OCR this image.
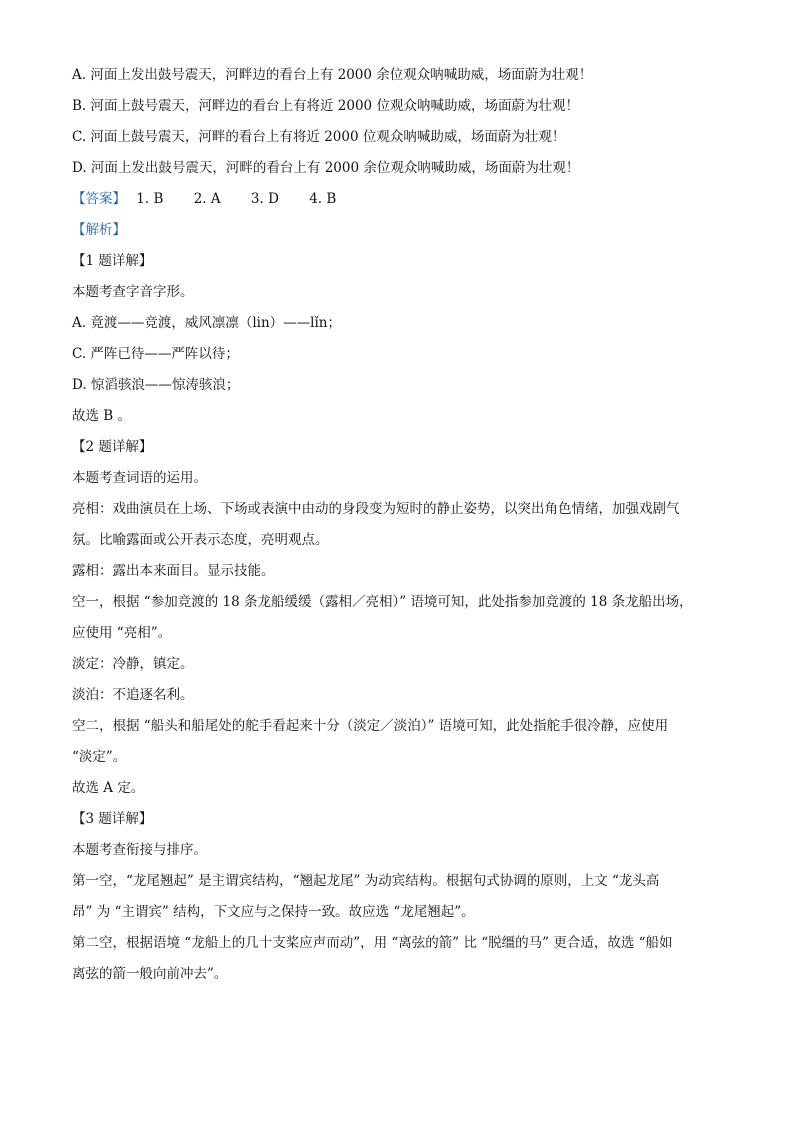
A. 河面上发出鼓号震天，河畔边的看台上有 2000 余位观众呐喊助威，场面蔚为壮观！
B. 河面上鼓号震天，河畔边的看台上有将近 2000 位观众呐喊助威，场面蔚为壮观！
C. 河面上鼓号震天，河畔的看台上有将近 2000 位观众呐喊助威，场面蔚为壮观！
D. 河面上发出鼓号震天，河畔的看台上有 2000 余位观众呐喊助威，场面蔚为壮观！
【答案】 1. B 2. A 3. D 4. B
【解析】
【1 题详解】
本题考查字音字形。
A. 竟渡——竞渡，威风凛凛（lin）——lǐn；
C. 严阵已待——严阵以待；
D. 惊滔骇浪——惊涛骇浪；
故选 B 。
【2 题详解】
本题考查词语的运用。
亮相：戏曲演员在上场、下场或表演中由动的身段变为短时的静止姿势，以突出角色情绪，加强戏剧气
氛。比喻露面或公开表示态度，亮明观点。
露相：露出本来面目。显示技能。
空一，根据 “参加竞渡的 18 条龙船缓缓（露相／亮相）” 语境可知，此处指参加竞渡的 18 条龙船出场，
应使用 “亮相”。
淡定：冷静，镇定。
淡泊：不追逐名利。
空二，根据 “船头和船尾处的舵手看起来十分（淡定／淡泊）” 语境可知，此处指舵手很冷静，应使用
“淡定”。
故选 A 定。
【3 题详解】
本题考查衔接与排序。
第一空，“龙尾翘起” 是主谓宾结构，“翘起龙尾” 为动宾结构。根据句式协调的原则，上文 “龙头高
昂” 为 “主谓宾” 结构，下文应与之保持一致。故应选 “龙尾翘起”。
第二空，根据语境 “龙船上的几十支桨应声而动”，用 “离弦的箭” 比 “脱缰的马” 更合适，故选 “船如
离弦的箭一般向前冲去”。
